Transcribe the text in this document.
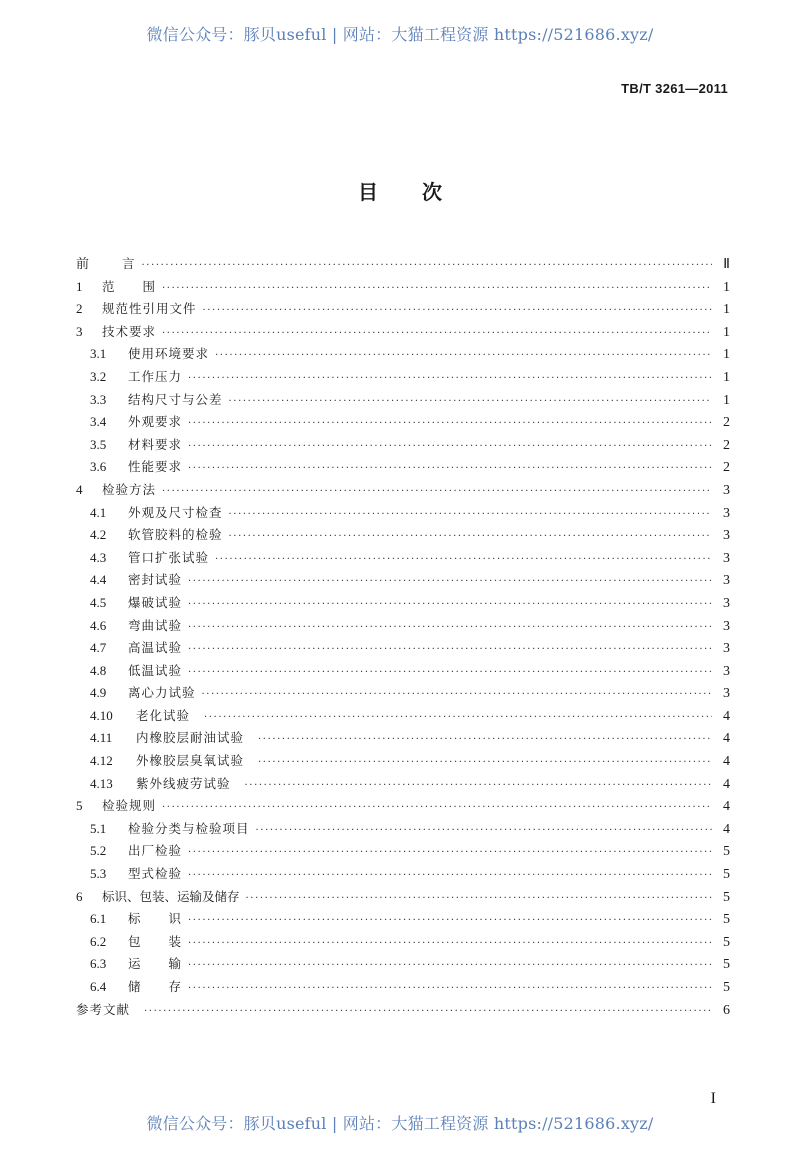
微信公众号：豚贝useful | 网站：大猫工程资源 https://521686.xyz/
TB/T 3261—2011
目 次
前	言 ·····	Ⅱ
1	范　　围 ·····	1
2	规范性引用文件 ·····	1
3	技术要求 ·····	1
3.1	使用环境要求 ·····	1
3.2	工作压力 ·····	1
3.3	结构尺寸与公差 ·····	1
3.4	外观要求 ·····	2
3.5	材料要求 ·····	2
3.6	性能要求 ·····	2
4	检验方法 ·····	3
4.1	外观及尺寸检查 ·····	3
4.2	软管胶料的检验 ·····	3
4.3	管口扩张试验 ·····	3
4.4	密封试验 ·····	3
4.5	爆破试验 ·····	3
4.6	弯曲试验 ·····	3
4.7	高温试验 ·····	3
4.8	低温试验 ·····	3
4.9	离心力试验 ·····	3
4.10	老化试验 ·····	4
4.11	内橡胶层耐油试验 ·····	4
4.12	外橡胶层臭氧试验 ·····	4
4.13	紫外线疲劳试验 ·····	4
5	检验规则 ·····	4
5.1	检验分类与检验项目 ·····	4
5.2	出厂检验 ·····	5
5.3	型式检验 ·····	5
6	标识、包装、运输及储存 ·····	5
6.1	标　　识 ·····	5
6.2	包　　装 ·····	5
6.3	运　　输 ·····	5
6.4	储　　存 ·····	5
参考文献 ·····	6
I
微信公众号：豚贝useful | 网站：大猫工程资源 https://521686.xyz/
